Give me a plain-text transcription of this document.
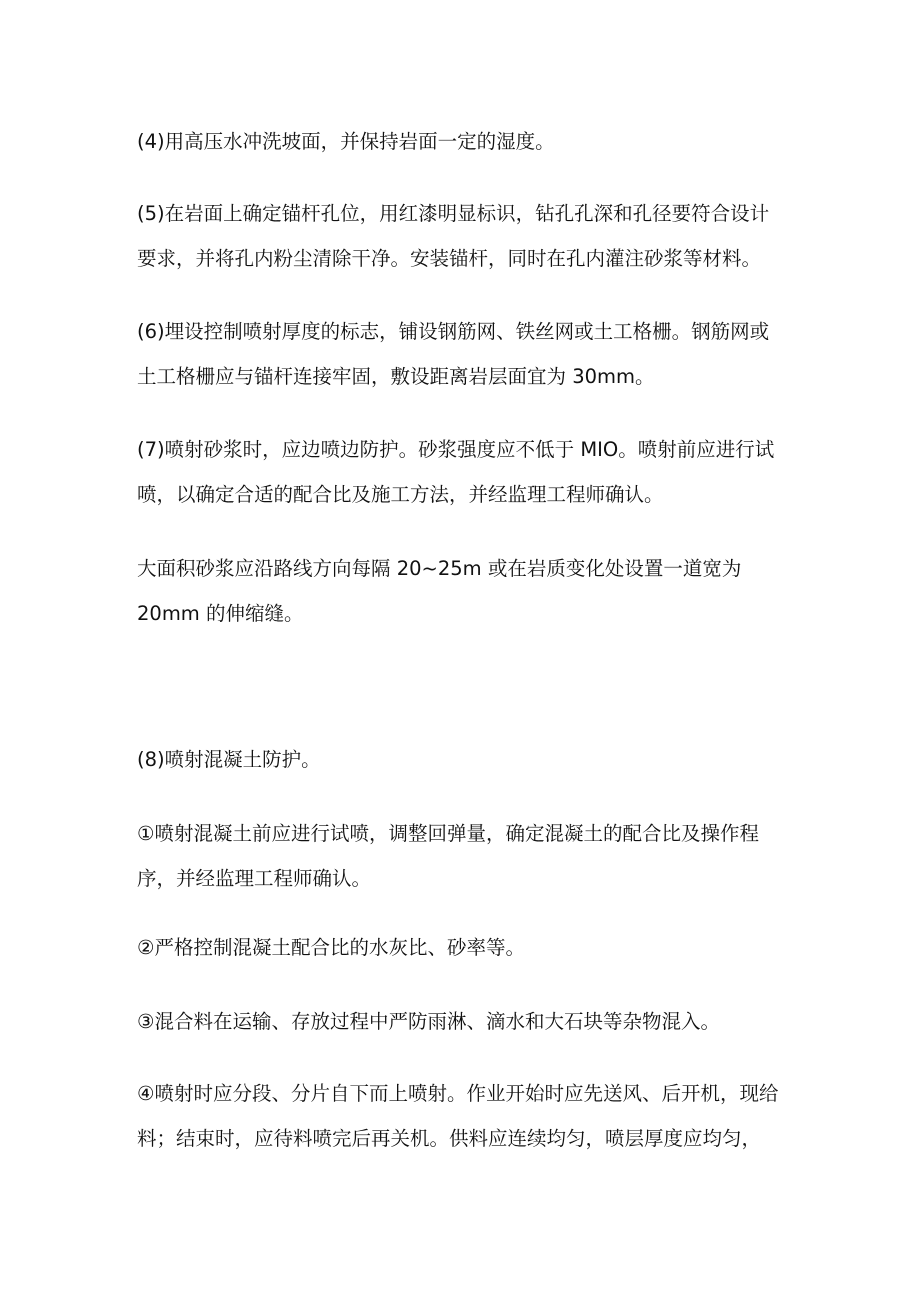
(4)用高压水冲洗坡面，并保持岩面一定的湿度。
(5)在岩面上确定锚杆孔位，用红漆明显标识，钻孔孔深和孔径要符合设计
要求，并将孔内粉尘清除干净。安装锚杆，同时在孔内灌注砂浆等材料。
(6)埋设控制喷射厚度的标志，铺设钢筋网、铁丝网或土工格栅。钢筋网或
土工格栅应与锚杆连接牢固，敷设距离岩层面宜为 30mm。
(7)喷射砂浆时，应边喷边防护。砂浆强度应不低于 MIO。喷射前应进行试
喷，以确定合适的配合比及施工方法，并经监理工程师确认。
大面积砂浆应沿路线方向每隔 20~25m 或在岩质变化处设置一道宽为
20mm 的伸缩缝。
(8)喷射混凝土防护。
①喷射混凝土前应进行试喷，调整回弹量，确定混凝土的配合比及操作程
序，并经监理工程师确认。
②严格控制混凝土配合比的水灰比、砂率等。
③混合料在运输、存放过程中严防雨淋、滴水和大石块等杂物混入。
④喷射时应分段、分片自下而上喷射。作业开始时应先送风、后开机，现给
料；结束时，应待料喷完后再关机。供料应连续均匀，喷层厚度应均匀，
